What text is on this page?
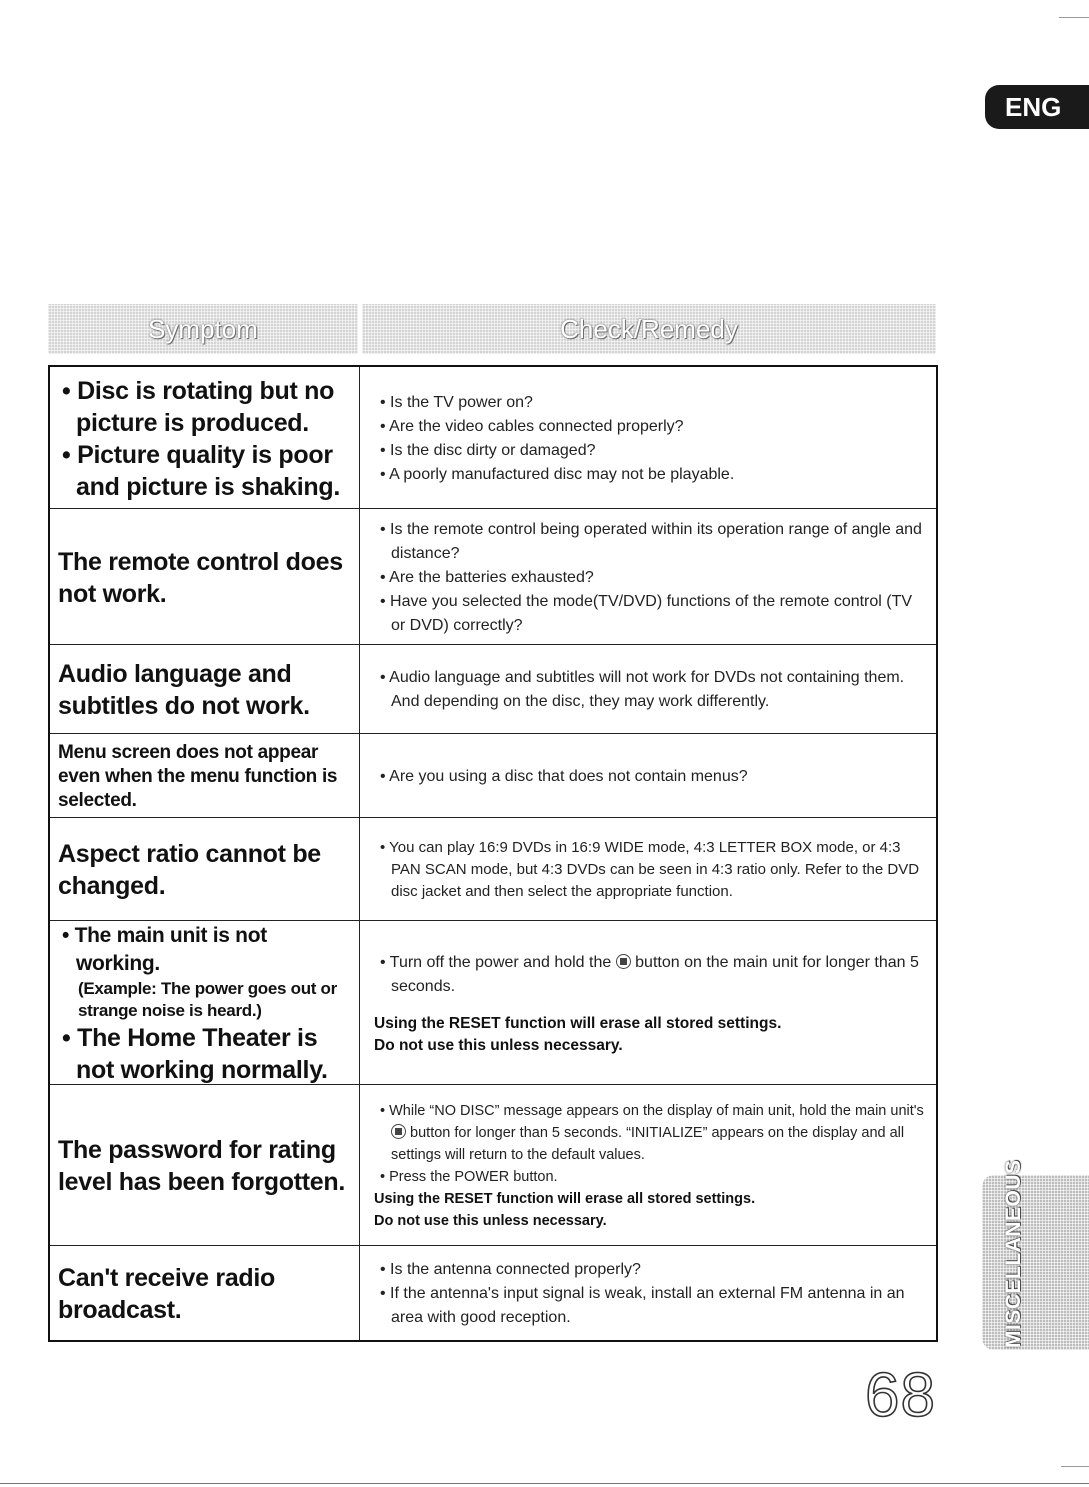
ENG
Symptom	Check/Remedy
• Disc is rotating but no picture is produced.
• Picture quality is poor and picture is shaking.
• Is the TV power on?
• Are the video cables connected properly?
• Is the disc dirty or damaged?
• A poorly manufactured disc may not be playable.
The remote control does not work.
• Is the remote control being operated within its operation range of angle and distance?
• Are the batteries exhausted?
• Have you selected the mode(TV/DVD) functions of the remote control (TV or DVD) correctly?
Audio language and subtitles do not work.
• Audio language and subtitles will not work for DVDs not containing them. And depending on the disc, they may work differently.
Menu screen does not appear even when the menu function is selected.
• Are you using a disc that does not contain menus?
Aspect ratio cannot be changed.
• You can play 16:9 DVDs in 16:9 WIDE mode, 4:3 LETTER BOX mode, or 4:3 PAN SCAN mode, but 4:3 DVDs can be seen in 4:3 ratio only. Refer to the DVD disc jacket and then select the appropriate function.
• The main unit is not working.
(Example: The power goes out or strange noise is heard.)
• The Home Theater is not working normally.
• Turn off the power and hold the button on the main unit for longer than 5 seconds.
Using the RESET function will erase all stored settings.
Do not use this unless necessary.
The password for rating level has been forgotten.
• While “NO DISC” message appears on the display of main unit, hold the main unit's  button for longer than 5 seconds. “INITIALIZE” appears on the display and all settings will return to the default values.
• Press the POWER button.
Using the RESET function will erase all stored settings.
Do not use this unless necessary.
Can't receive radio broadcast.
• Is the antenna connected properly?
• If the antenna's input signal is weak, install an external FM antenna in an area with good reception.	MISCELLANEOUS
68
